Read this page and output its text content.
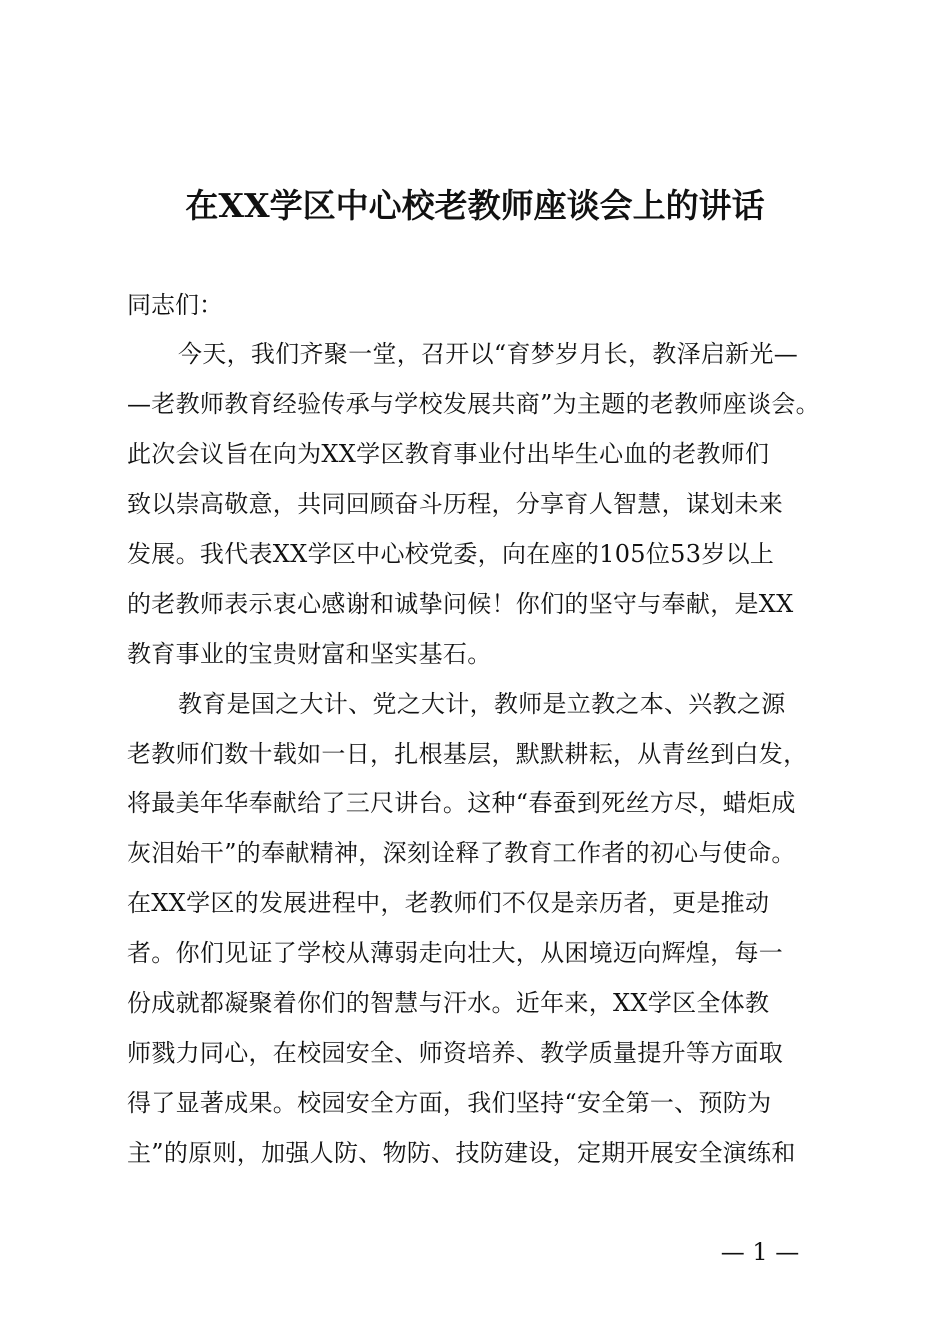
在XX学区中心校老教师座谈会上的讲话
同志们：
今天，我们齐聚一堂，召开以“育梦岁月长，教泽启新光—
—老教师教育经验传承与学校发展共商”为主题的老教师座谈会。
此次会议旨在向为XX学区教育事业付出毕生心血的老教师们
致以崇高敬意，共同回顾奋斗历程，分享育人智慧，谋划未来
发展。我代表XX学区中心校党委，向在座的105位53岁以上
的老教师表示衷心感谢和诚挚问候！你们的坚守与奉献，是XX
教育事业的宝贵财富和坚实基石。
教育是国之大计、党之大计，教师是立教之本、兴教之源
老教师们数十载如一日，扎根基层，默默耕耘，从青丝到白发，
将最美年华奉献给了三尺讲台。这种“春蚕到死丝方尽，蜡炬成
灰泪始干”的奉献精神，深刻诠释了教育工作者的初心与使命。
在XX学区的发展进程中，老教师们不仅是亲历者，更是推动
者。你们见证了学校从薄弱走向壮大，从困境迈向辉煌，每一
份成就都凝聚着你们的智慧与汗水。近年来，XX学区全体教
师戮力同心，在校园安全、师资培养、教学质量提升等方面取
得了显著成果。校园安全方面，我们坚持“安全第一、预防为
主”的原则，加强人防、物防、技防建设，定期开展安全演练和
— 1 —
